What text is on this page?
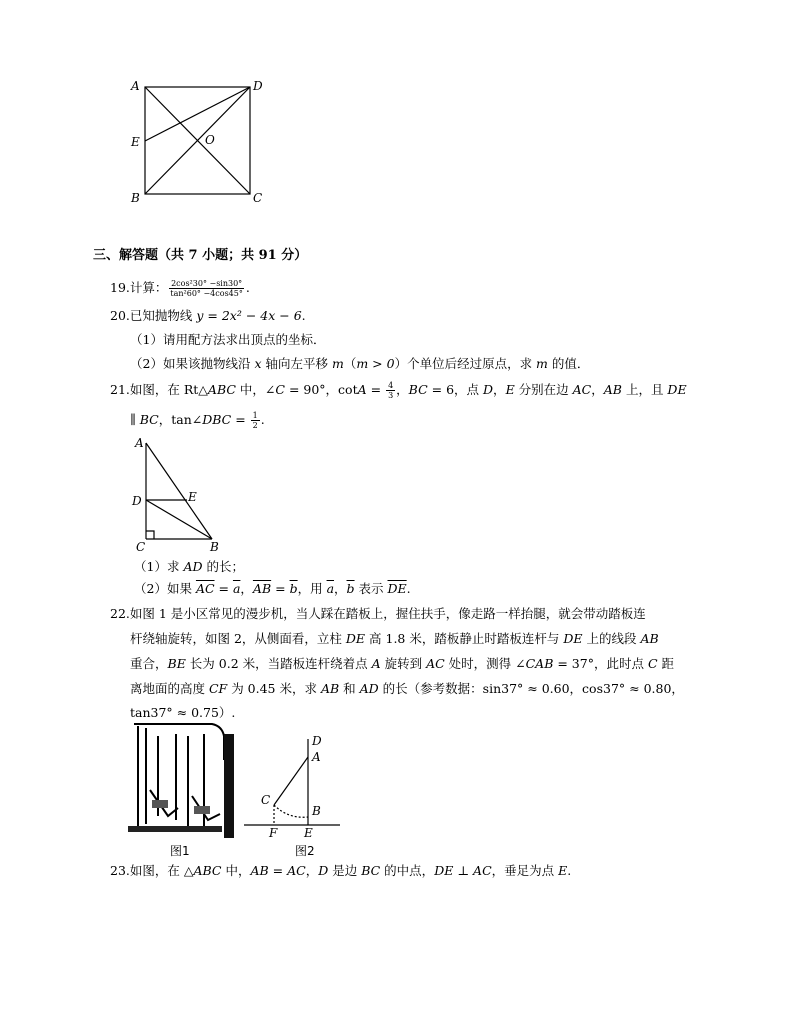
A	D
E	O
B	C
三、解答题（共 7 小题；共 91 分）
19.计算： $\frac{\text{2cos²30° −sin30°}}{\text{tan²60° −4cos45°}}$ .
20.已知抛物线 y = 2x² − 4x − 6.
（1）请用配方法求出顶点的坐标．
（2）如果该抛物线沿 x 轴向左平移 m（m > 0）个单位后经过原点，求 m 的值．
21.如图，在 Rt△ABC 中，∠C = 90°，$\cot A = \frac{4}{3}$ ，BC = 6，点 D，E 分别在边 AC，AB 上，且 DE
∥ BC，tan∠DBC = $\frac{1}{2}$ .
A
D	E
C	B
（1）求 AD 的长；
（2）如果 $\overline{AC} = \overline{a}$，$\overline{AB} = \overline{b}$，用 $\overline{a}$，$\overline{b}$ 表示 $\overline{DE}$.
22.如图 1 是小区常见的漫步机，当人踩在踏板上，握住扶手，像走路一样抬腿，就会带动踏板连
杆绕轴旋转，如图 2，从侧面看，立柱 DE 高 1.8 米，踏板静止时踏板连杆与 DE 上的线段 AB
重合，BE 长为 0.2 米，当踏板连杆绕着点 A 旋转到 AC 处时，测得 ∠CAB = 37°，此时点 C 距
离地面的高度 CF 为 0.45 米，求 AB 和 AD 的长（参考数据：sin37° ≈ 0.60，cos37° ≈ 0.80，
tan37° ≈ 0.75）.
图1
D
A
C
B
F E
图2
23.如图，在 △ABC 中，AB = AC，D 是边 BC 的中点，DE ⊥ AC，垂足为点 E.
